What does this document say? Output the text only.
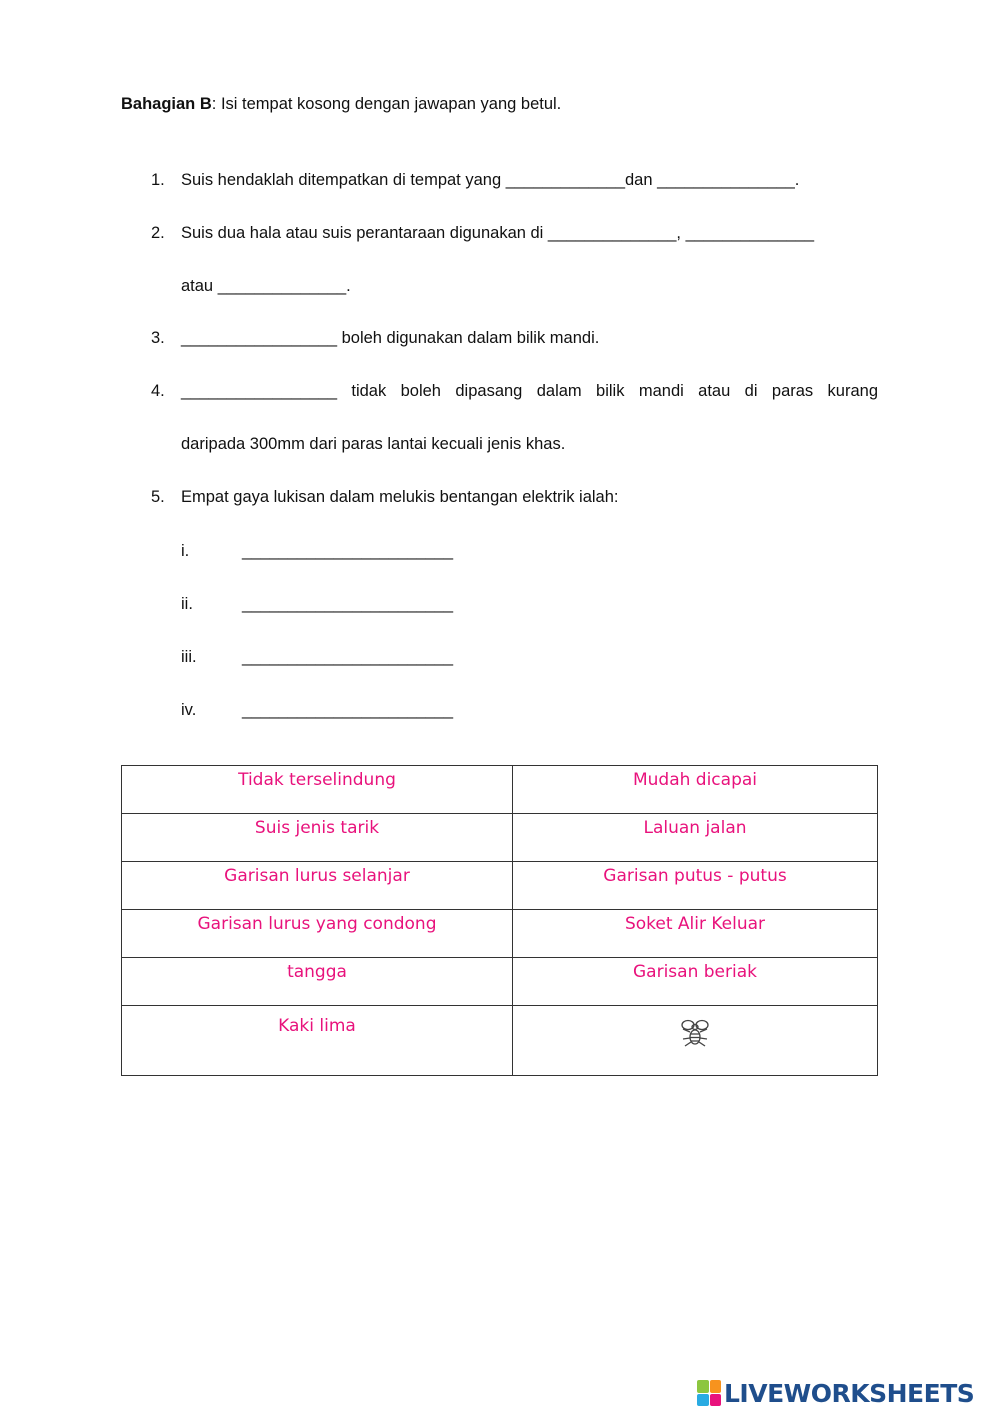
Bahagian B: Isi tempat kosong dengan jawapan yang betul.
1. Suis hendaklah ditempatkan di tempat yang _____________dan _______________.
2. Suis dua hala atau suis perantaraan digunakan di ______________, ______________
atau ______________.
3. _________________ boleh digunakan dalam bilik mandi.
4. _________________ tidak boleh dipasang dalam bilik mandi atau di paras kurang
daripada 300mm dari paras lantai kecuali jenis khas.
5. Empat gaya lukisan dalam melukis bentangan elektrik ialah:
i.	_______________________
ii.	_______________________
iii.	_______________________
iv.	_______________________
Tidak terselindung	Mudah dicapai
Suis jenis tarik	Laluan jalan
Garisan lurus selanjar	Garisan putus - putus
Garisan lurus yang condong	Soket Alir Keluar
tangga	Garisan beriak
Kaki lima	
LIVEWORKSHEETS
